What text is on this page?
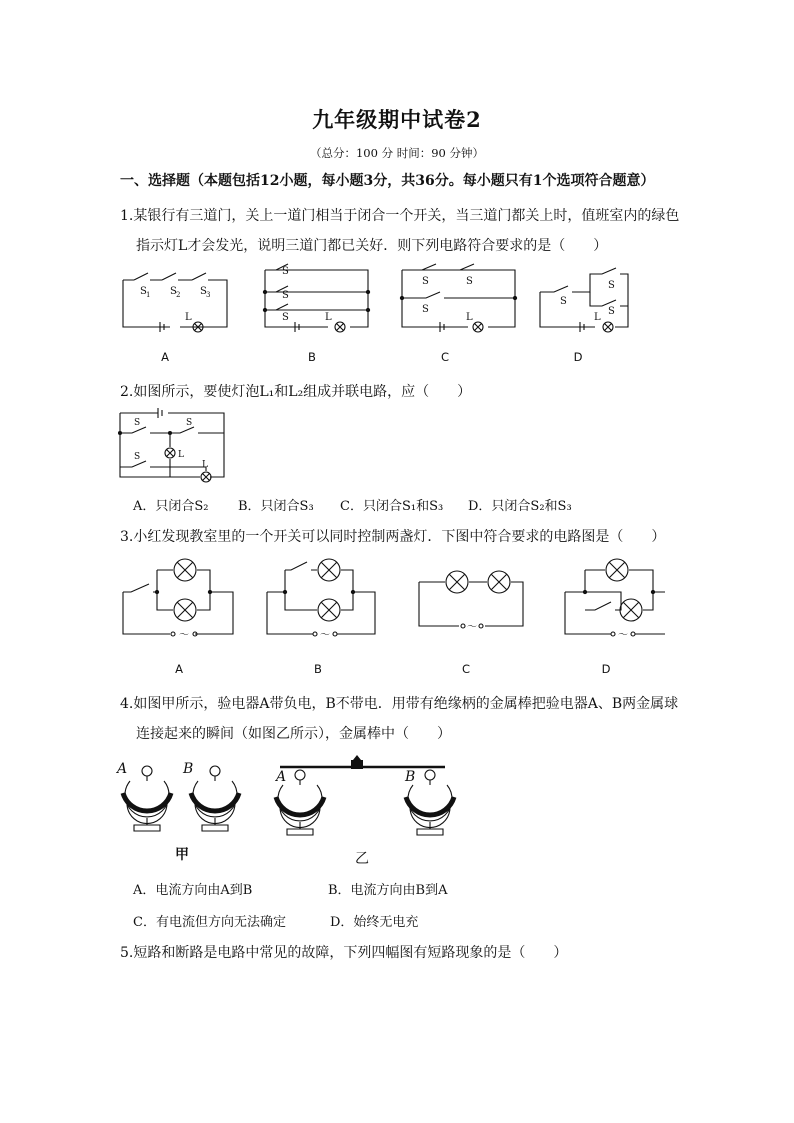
九年级期中试卷2
（总分：100 分 时间：90 分钟）
一、选择题（本题包括12小题，每小题3分，共36分。每小题只有1个选项符合题意）
1.某银行有三道门，关上一道门相当于闭合一个开关，当三道门都关上时，值班室内的绿色
指示灯L才会发光，说明三道门都已关好．则下列电路符合要求的是（　　）
S 1 S 2 S 3
L
S
S
S	L
S	S
S
L
S
S
S
L
A	B	C	D
2.如图所示，要使灯泡L₁和L₂组成并联电路，应（　　）
S	S
S	L
L
A．只闭合S₂ B．只闭合S₃ C．只闭合S₁和S₃ D．只闭合S₂和S₃
3.小红发现教室里的一个开关可以同时控制两盏灯．下图中符合要求的电路图是（　　）
～	～
～
～
A	B	C	D
4.如图甲所示，验电器A带负电，B不带电．用带有绝缘柄的金属棒把验电器A、B两金属球
连接起来的瞬间（如图乙所示），金属棒中（　　）
A	B	A	B
甲	乙
A．电流方向由A到B	B．电流方向由B到A
C．有电流但方向无法确定	D．始终无电充
5.短路和断路是电路中常见的故障，下列四幅图有短路现象的是（　　）
